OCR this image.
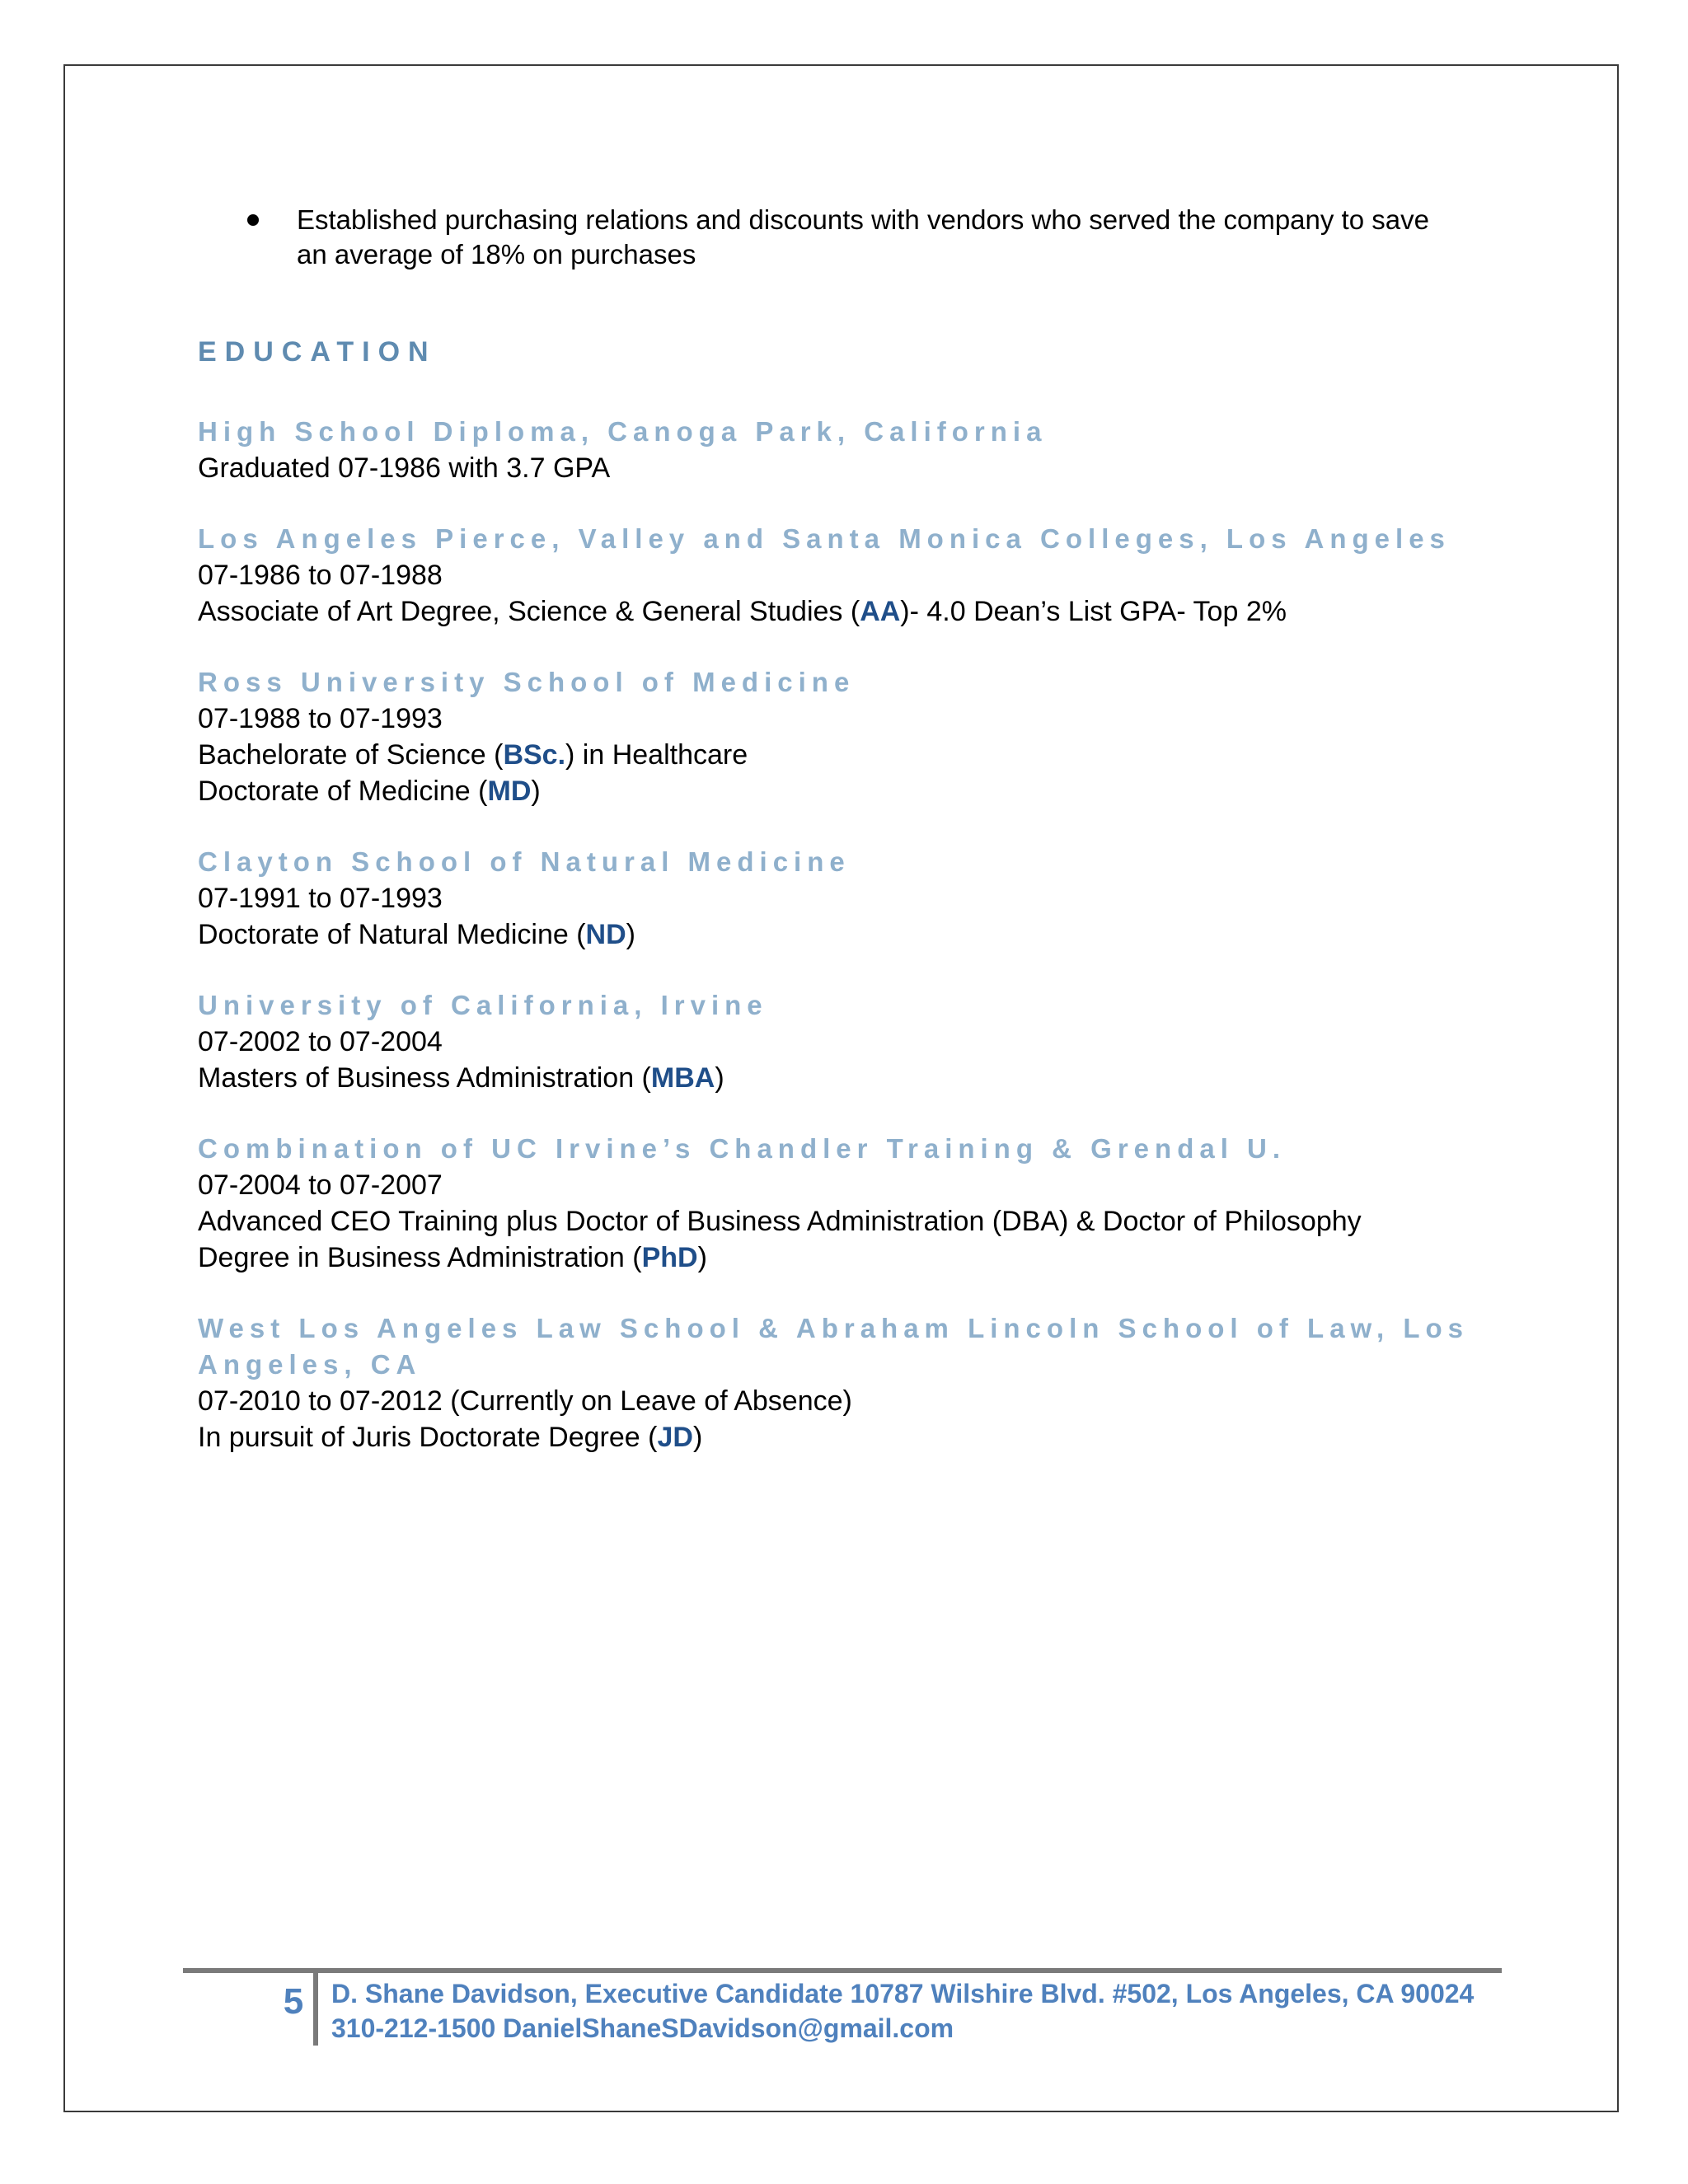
Established purchasing relations and discounts with vendors who served the company to save
an average of 18% on purchases
EDUCATION
High School Diploma, Canoga Park, California
Graduated 07-1986 with 3.7 GPA
Los Angeles Pierce, Valley and Santa Monica Colleges, Los Angeles
07-1986 to 07-1988
Associate of Art Degree, Science & General Studies (AA)- 4.0 Dean’s List GPA- Top 2%
Ross University School of Medicine
07-1988 to 07-1993
Bachelorate of Science (BSc.) in Healthcare
Doctorate of Medicine (MD)
Clayton School of Natural Medicine
07-1991 to 07-1993
Doctorate of Natural Medicine (ND)
University of California, Irvine
07-2002 to 07-2004
Masters of Business Administration (MBA)
Combination of UC Irvine’s Chandler Training & Grendal U.
07-2004 to 07-2007
Advanced CEO Training plus Doctor of Business Administration (DBA) & Doctor of Philosophy
Degree in Business Administration (PhD)
West Los Angeles Law School & Abraham Lincoln School of Law, Los
Angeles, CA
07-2010 to 07-2012 (Currently on Leave of Absence)
In pursuit of Juris Doctorate Degree (JD)
5 D. Shane Davidson, Executive Candidate 10787 Wilshire Blvd. #502, Los Angeles, CA 90024
310-212-1500 DanielShaneSDavidson@gmail.com
